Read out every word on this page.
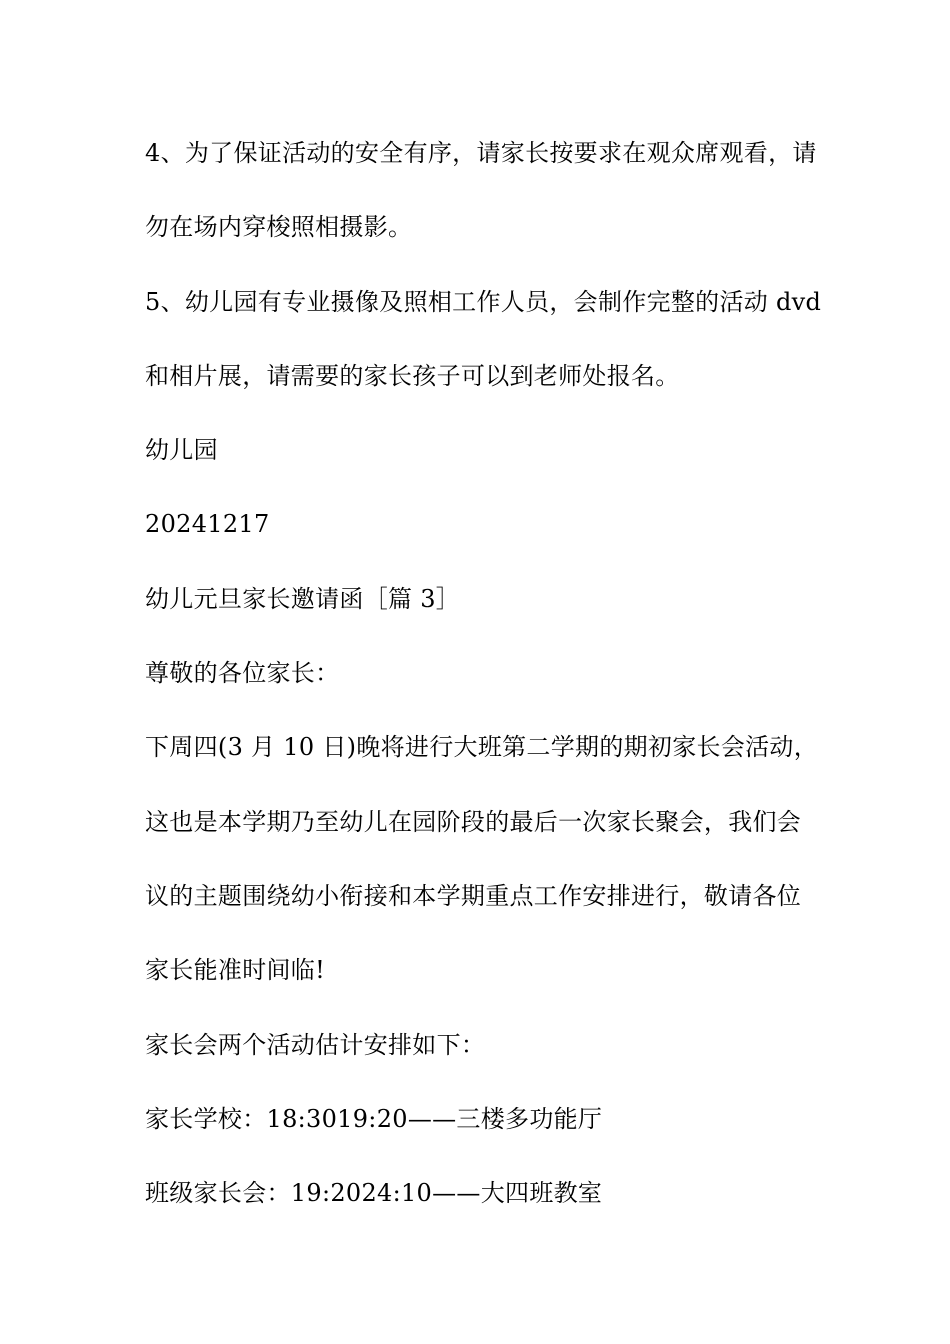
4、为了保证活动的安全有序，请家长按要求在观众席观看，请
勿在场内穿梭照相摄影。
5、幼儿园有专业摄像及照相工作人员，会制作完整的活动 dvd
和相片展，请需要的家长孩子可以到老师处报名。
幼儿园
20241217
幼儿元旦家长邀请函［篇 3］
尊敬的各位家长：
下周四(3 月 10 日)晚将进行大班第二学期的期初家长会活动，
这也是本学期乃至幼儿在园阶段的最后一次家长聚会，我们会
议的主题围绕幼小衔接和本学期重点工作安排进行，敬请各位
家长能准时间临!
家长会两个活动估计安排如下：
家长学校：18:3019:20——三楼多功能厅
班级家长会：19:2024:10——大四班教室
